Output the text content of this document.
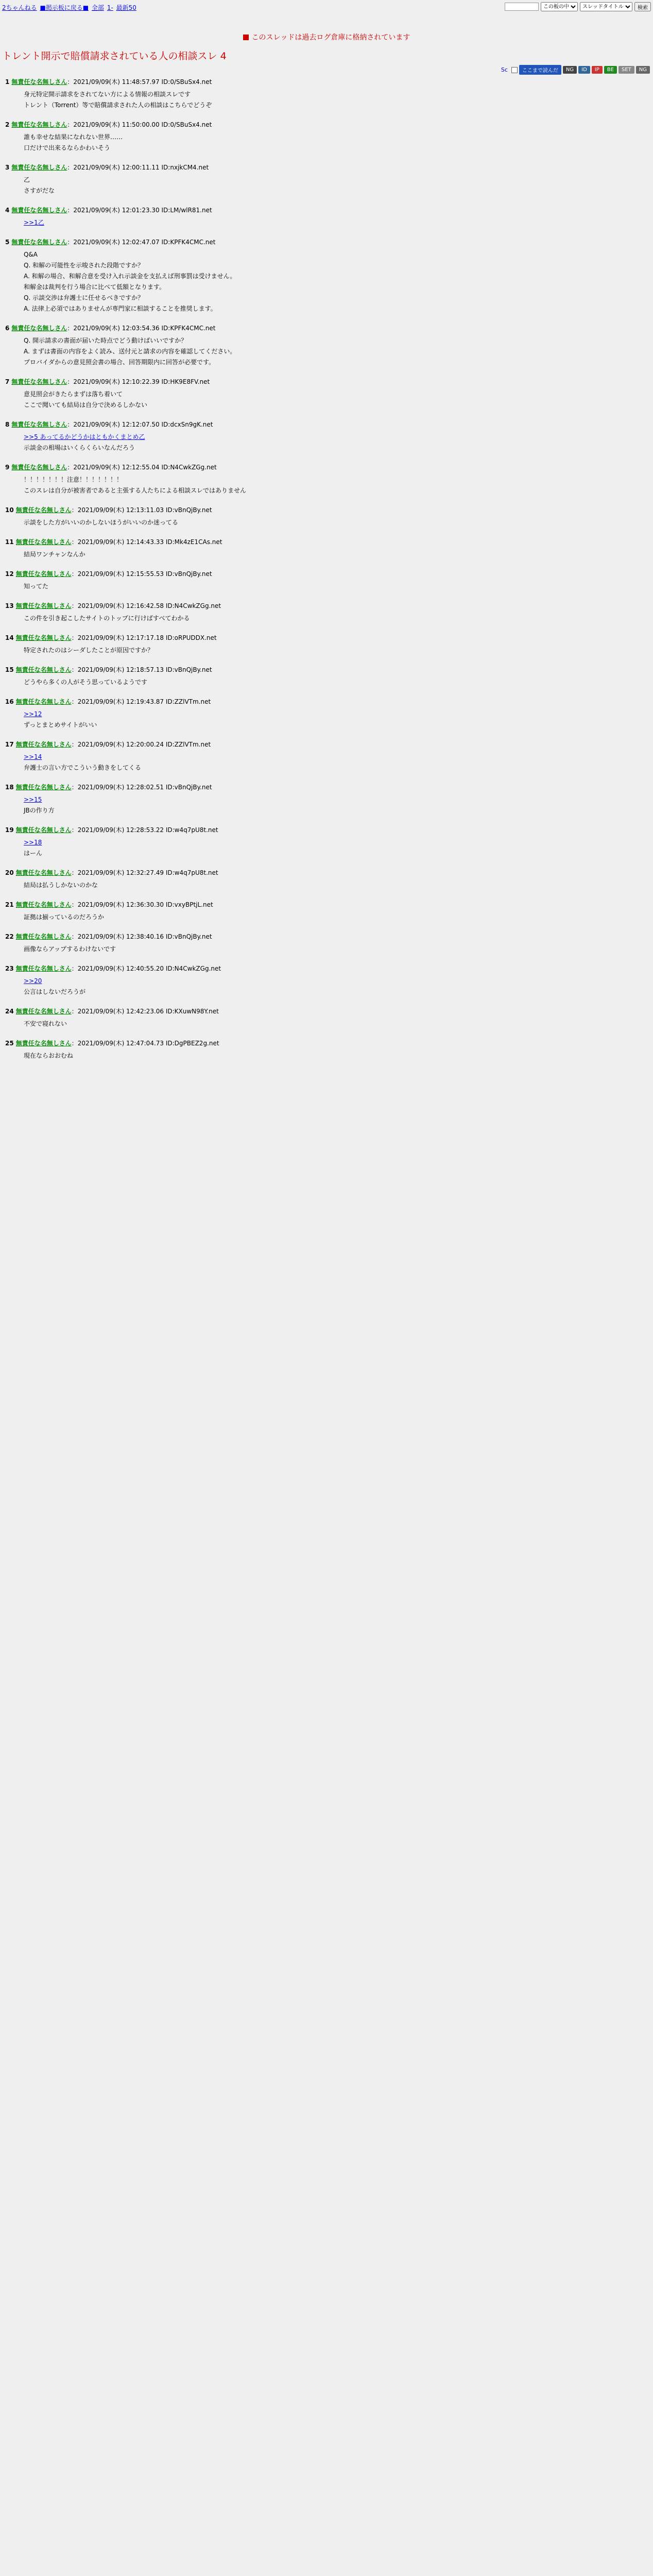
2ちゃんねる ■掲示板に戻る■ 全部 1- 最新50
この板の中
スレッドタイトル	検索
このスレッドは過去ログ倉庫に格納されています
トレント開示で賠償請求されている人の相談スレ 4
Sc	ここまで読んだ	NG	ID	IP	BE	SET	NG
1 無責任な名無しさん：2021/09/09(木) 11:48:57.97 ID:0/SBuSx4.net
身元特定開示請求をされてない方による情報の相談スレです
トレント（Torrent）等で賠償請求された人の相談はこちらでどうぞ
2 無責任な名無しさん：2021/09/09(木) 11:50:00.00 ID:0/SBuSx4.net
誰も幸せな結果になれない世界……
口だけで出来るならかわいそう
3 無責任な名無しさん：2021/09/09(木) 12:00:11.11 ID:nxjkCM4.net
乙
さすがだな
4 無責任な名無しさん：2021/09/09(木) 12:01:23.30 ID:LM/wlR81.net
>>1乙
5 無責任な名無しさん：2021/09/09(木) 12:02:47.07 ID:KPFK4CMC.net
Q&A
Q. 和解の可能性を示唆された段階ですか？
A. 和解の場合、和解合意を受け入れ示談金を支払えば刑事罰は受けません。
和解金は裁判を行う場合に比べて低額となります。
Q. 示談交渉は弁護士に任せるべきですか？
A. 法律上必須ではありませんが専門家に相談することを推奨します。
6 無責任な名無しさん：2021/09/09(木) 12:03:54.36 ID:KPFK4CMC.net
Q. 開示請求の書面が届いた時点でどう動けばいいですか？
A. まずは書面の内容をよく読み、送付元と請求の内容を確認してください。
プロバイダからの意見照会書の場合、回答期限内に回答が必要です。
7 無責任な名無しさん：2021/09/09(木) 12:10:22.39 ID:HK9E8FV.net
意見照会がきたらまずは落ち着いて
ここで聞いても結局は自分で決めるしかない
8 無責任な名無しさん：2021/09/09(木) 12:12:07.50 ID:dcxSn9gK.net
>>5 あってるかどうかはともかくまとめ乙
示談金の相場はいくらくらいなんだろう
9 無責任な名無しさん：2021/09/09(木) 12:12:55.04 ID:N4CwkZGg.net
！！！！！！！注意！！！！！！！
このスレは自分が被害者であると主張する人たちによる相談スレではありません
10 無責任な名無しさん：2021/09/09(木) 12:13:11.03 ID:vBnQjBy.net
示談をした方がいいのかしないほうがいいのか迷ってる
11 無責任な名無しさん：2021/09/09(木) 12:14:43.33 ID:Mk4zE1CAs.net
結局ワンチャンなんか
12 無責任な名無しさん：2021/09/09(木) 12:15:55.53 ID:vBnQjBy.net
知ってた
13 無責任な名無しさん：2021/09/09(木) 12:16:42.58 ID:N4CwkZGg.net
この件を引き起こしたサイトのトップに行けばすべてわかる
14 無責任な名無しさん：2021/09/09(木) 12:17:17.18 ID:oRPUDDX.net
特定されたのはシーダしたことが原因ですか？
15 無責任な名無しさん：2021/09/09(木) 12:18:57.13 ID:vBnQjBy.net
どうやら多くの人がそう思っているようです
16 無責任な名無しさん：2021/09/09(木) 12:19:43.87 ID:ZZlVTm.net
>>12
ずっとまとめサイトがいい
17 無責任な名無しさん：2021/09/09(木) 12:20:00.24 ID:ZZlVTm.net
>>14
弁護士の言い方でこういう動きをしてくる
18 無責任な名無しさん：2021/09/09(木) 12:28:02.51 ID:vBnQjBy.net
>>15
JBの作り方
19 無責任な名無しさん：2021/09/09(木) 12:28:53.22 ID:w4q7pU8t.net
>>18
はーん
20 無責任な名無しさん：2021/09/09(木) 12:32:27.49 ID:w4q7pU8t.net
結局は払うしかないのかな
21 無責任な名無しさん：2021/09/09(木) 12:36:30.30 ID:vxyBPtjL.net
証拠は揃っているのだろうか
22 無責任な名無しさん：2021/09/09(木) 12:38:40.16 ID:vBnQjBy.net
画像ならアップするわけないです
23 無責任な名無しさん：2021/09/09(木) 12:40:55.20 ID:N4CwkZGg.net
>>20
公言はしないだろうが
24 無責任な名無しさん：2021/09/09(木) 12:42:23.06 ID:KXuwN98Y.net
不安で寝れない
25 無責任な名無しさん：2021/09/09(木) 12:47:04.73 ID:DgPBEZ2g.net
現在ならおおむね
